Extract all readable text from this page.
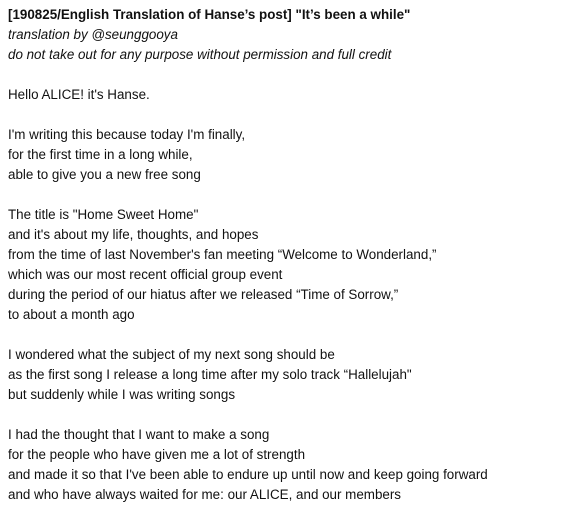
[190825/English Translation of Hanse’s post] "It’s been a while"
translation by @seunggooya
do not take out for any purpose without permission and full credit
Hello ALICE! it's Hanse.
I'm writing this because today I'm finally,
for the first time in a long while,
able to give you a new free song
The title is "Home Sweet Home"
and it's about my life, thoughts, and hopes
from the time of last November's fan meeting “Welcome to Wonderland,”
which was our most recent official group event
during the period of our hiatus after we released “Time of Sorrow,”
to about a month ago
I wondered what the subject of my next song should be
as the first song I release a long time after my solo track “Hallelujah"
but suddenly while I was writing songs
I had the thought that I want to make a song
for the people who have given me a lot of strength
and made it so that I've been able to endure up until now and keep going forward
and who have always waited for me: our ALICE, and our members
